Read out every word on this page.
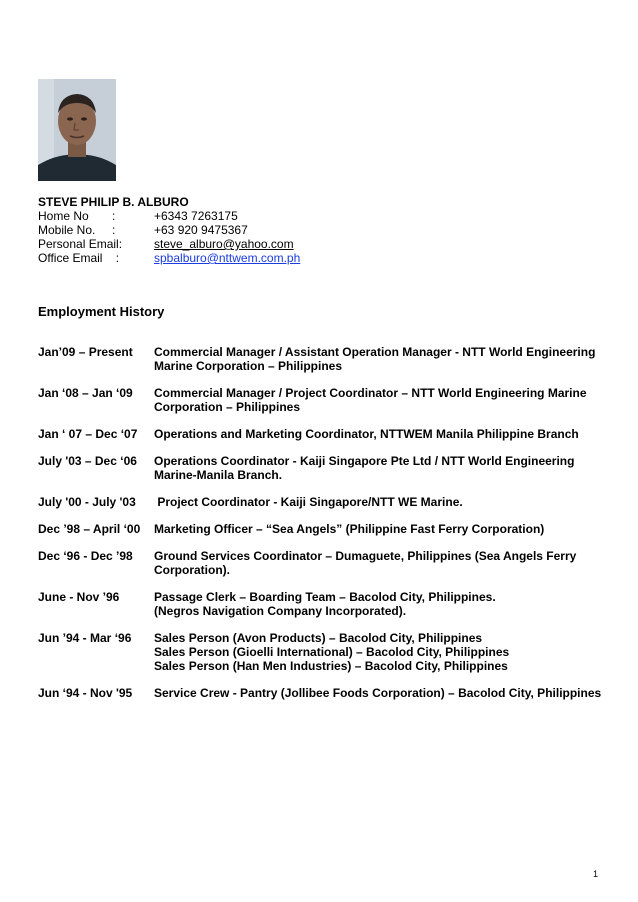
STEVE PHILIP B. ALBURO
Home No       :	+6343 7263175
Mobile No.     :	+63 920 9475367
Personal Email:	steve_alburo@yahoo.com
Office Email    :	spbalburo@nttwem.com.ph
Employment History
Jan’09 – Present	Commercial Manager / Assistant Operation Manager - NTT World Engineering
Marine Corporation – Philippines
Jan ‘08 – Jan ‘09	Commercial Manager / Project Coordinator – NTT World Engineering Marine
Corporation – Philippines
Jan ‘ 07 – Dec ‘07	Operations and Marketing Coordinator, NTTWEM Manila Philippine Branch
July '03 – Dec ‘06	Operations Coordinator - Kaiji Singapore Pte Ltd / NTT World Engineering
Marine-Manila Branch.
July '00 - July '03	Project Coordinator - Kaiji Singapore/NTT WE Marine.
Dec ’98 – April ‘00	Marketing Officer – “Sea Angels” (Philippine Fast Ferry Corporation)
Dec ‘96 - Dec ’98	Ground Services Coordinator – Dumaguete, Philippines (Sea Angels Ferry
Corporation).
June - Nov ’96	Passage Clerk – Boarding Team – Bacolod City, Philippines.
(Negros Navigation Company Incorporated).
Jun ’94 - Mar ‘96	Sales Person (Avon Products) – Bacolod City, Philippines
Sales Person (Gioelli International) – Bacolod City, Philippines
Sales Person (Han Men Industries) – Bacolod City, Philippines
Jun ‘94 - Nov '95	Service Crew - Pantry (Jollibee Foods Corporation) – Bacolod City, Philippines
1
